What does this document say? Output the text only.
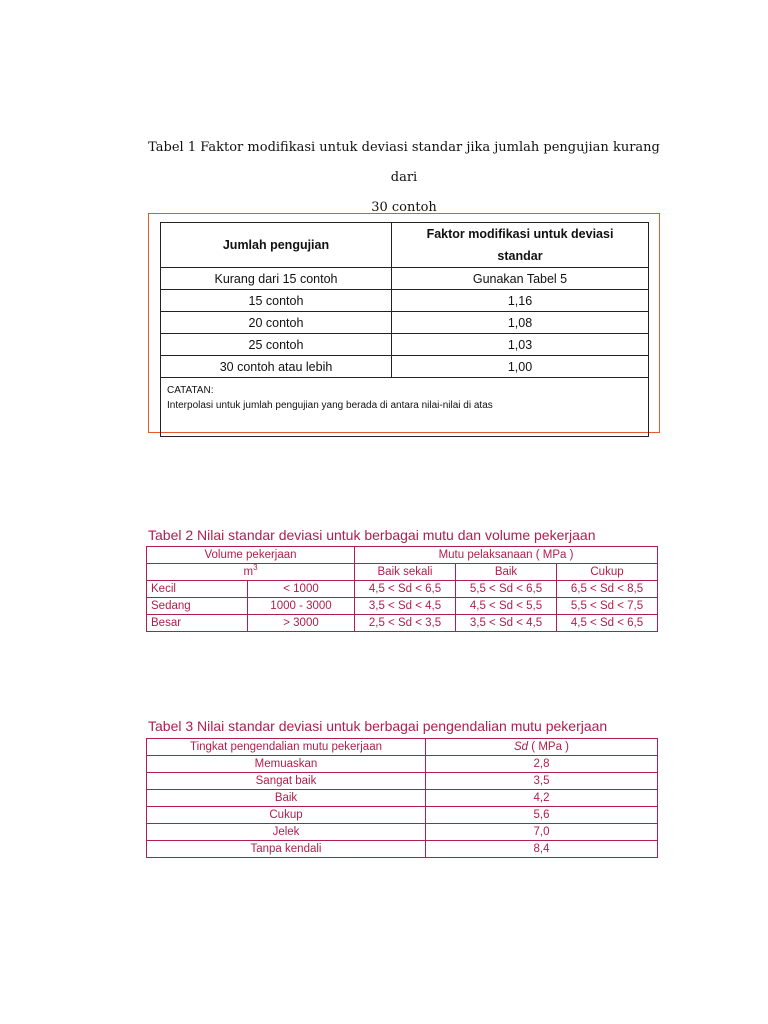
Tabel 1 Faktor modifikasi untuk deviasi standar jika jumlah pengujian kurang dari
30 contoh
Jumlah pengujian	Faktor modifikasi untuk deviasi
standar

Kurang dari 15 contoh	Gunakan Tabel 5
15 contoh	1,16
20 contoh	1,08
25 contoh	1,03
30 contoh atau lebih	1,00

CATATAN:
Interpolasi untuk jumlah pengujian yang berada di antara nilai-nilai di atas	
Tabel 2 Nilai standar deviasi untuk berbagai mutu dan volume pekerjaan
Volume pekerjaan		Mutu pelaksanaan ( MPa )		
$m^3$		Baik sekali	Baik	Cukup
Kecil	< 1000	4,5 < Sd < 6,5	5,5 < Sd < 6,5	6,5 < Sd < 8,5
Sedang	1000 - 3000	3,5 < Sd < 4,5	4,5 < Sd < 5,5	5,5 < Sd < 7,5
Besar	> 3000	2,5 < Sd < 3,5	3,5 < Sd < 4,5	4,5 < Sd < 6,5
Tabel 3 Nilai standar deviasi untuk berbagai pengendalian mutu pekerjaan
Tingkat pengendalian mutu pekerjaan	Sd ( MPa )
Memuaskan	2,8
Sangat baik	3,5
Baik	4,2
Cukup	5,6
Jelek	7,0
Tanpa kendali	8,4
